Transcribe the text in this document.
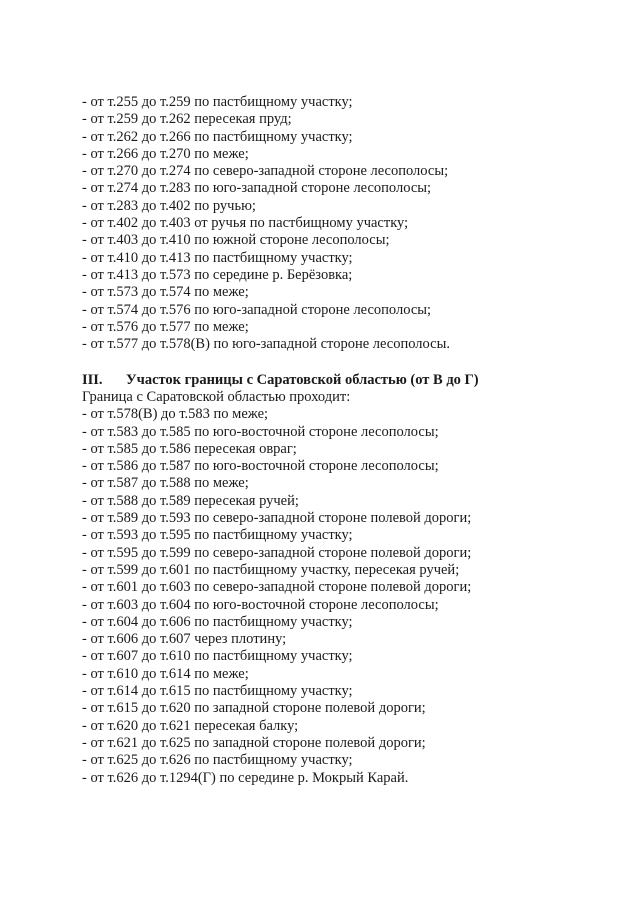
- от т.255 до т.259 по пастбищному участку;
- от т.259 до т.262 пересекая пруд;
- от т.262 до т.266 по пастбищному участку;
- от т.266 до т.270 по меже;
- от т.270 до т.274 по северо-западной стороне лесополосы;
- от т.274 до т.283 по юго-западной стороне лесополосы;
- от т.283 до т.402 по ручью;
- от т.402 до т.403 от ручья по пастбищному участку;
- от т.403 до т.410 по южной стороне лесополосы;
- от т.410 до т.413 по пастбищному участку;
- от т.413 до т.573 по середине р. Берёзовка;
- от т.573 до т.574 по меже;
- от т.574 до т.576 по юго-западной стороне лесополосы;
- от т.576 до т.577 по меже;
- от т.577 до т.578(В) по юго-западной стороне лесополосы.
III. Участок границы с Саратовской областью (от В до Г)
Граница с Саратовской областью проходит:
- от т.578(В) до т.583 по меже;
- от т.583 до т.585 по юго-восточной стороне лесополосы;
- от т.585 до т.586 пересекая овраг;
- от т.586 до т.587 по юго-восточной стороне лесополосы;
- от т.587 до т.588 по меже;
- от т.588 до т.589 пересекая ручей;
- от т.589 до т.593 по северо-западной стороне полевой дороги;
- от т.593 до т.595 по пастбищному участку;
- от т.595 до т.599 по северо-западной стороне полевой дороги;
- от т.599 до т.601 по пастбищному участку, пересекая ручей;
- от т.601 до т.603 по северо-западной стороне полевой дороги;
- от т.603 до т.604 по юго-восточной стороне лесополосы;
- от т.604 до т.606 по пастбищному участку;
- от т.606 до т.607 через плотину;
- от т.607 до т.610 по пастбищному участку;
- от т.610 до т.614 по меже;
- от т.614 до т.615 по пастбищному участку;
- от т.615 до т.620 по западной стороне полевой дороги;
- от т.620 до т.621 пересекая балку;
- от т.621 до т.625 по западной стороне полевой дороги;
- от т.625 до т.626 по пастбищному участку;
- от т.626 до т.1294(Г) по середине р. Мокрый Карай.
